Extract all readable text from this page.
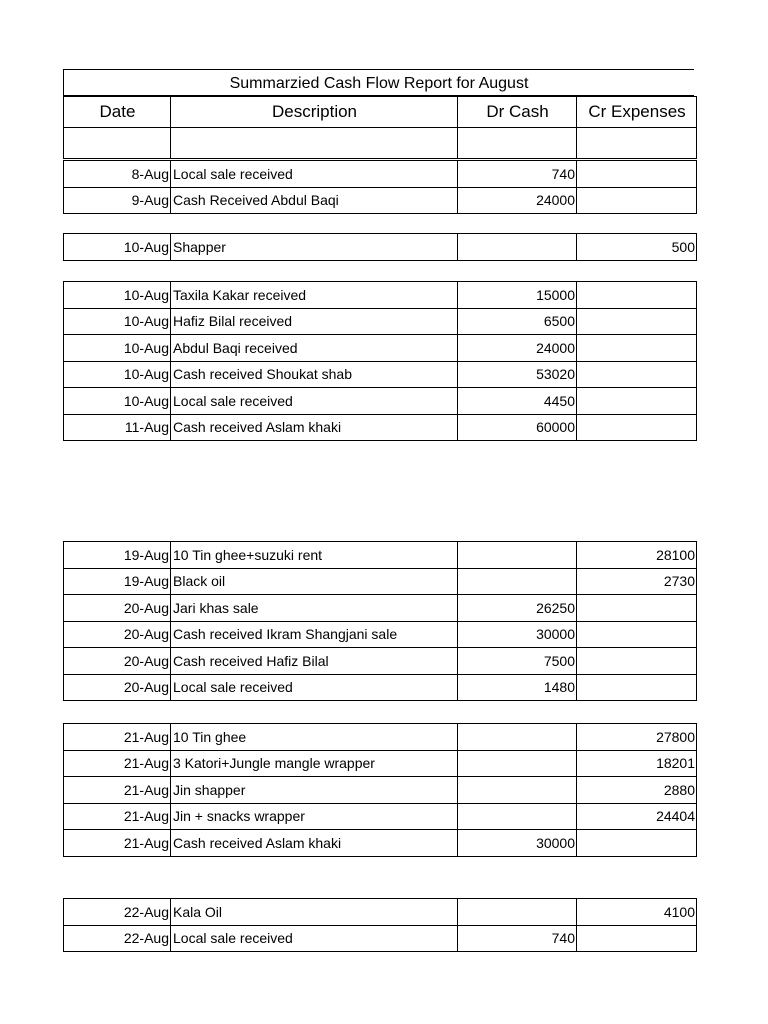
Summarzied Cash Flow Report for August
Date	Description	Dr Cash	Cr Expenses

8-Aug	Local sale received	740	
9-Aug	Cash Received Abdul Baqi	24000	
10-Aug	Shapper		500
10-Aug	Taxila Kakar received	15000	
10-Aug	Hafiz Bilal received	6500	
10-Aug	Abdul Baqi received	24000	
10-Aug	Cash received Shoukat shab	53020	
10-Aug	Local sale received	4450	
11-Aug	Cash received Aslam khaki	60000	
19-Aug	10 Tin ghee+suzuki rent		28100
19-Aug	Black oil		2730
20-Aug	Jari khas sale	26250	
20-Aug	Cash received Ikram Shangjani sale	30000	
20-Aug	Cash received Hafiz Bilal	7500	
20-Aug	Local sale received	1480	
21-Aug	10 Tin ghee		27800
21-Aug	3 Katori+Jungle mangle wrapper		18201
21-Aug	Jin shapper		2880
21-Aug	Jin + snacks wrapper		24404
21-Aug	Cash received Aslam khaki	30000	
22-Aug	Kala Oil		4100
22-Aug	Local sale received	740	
